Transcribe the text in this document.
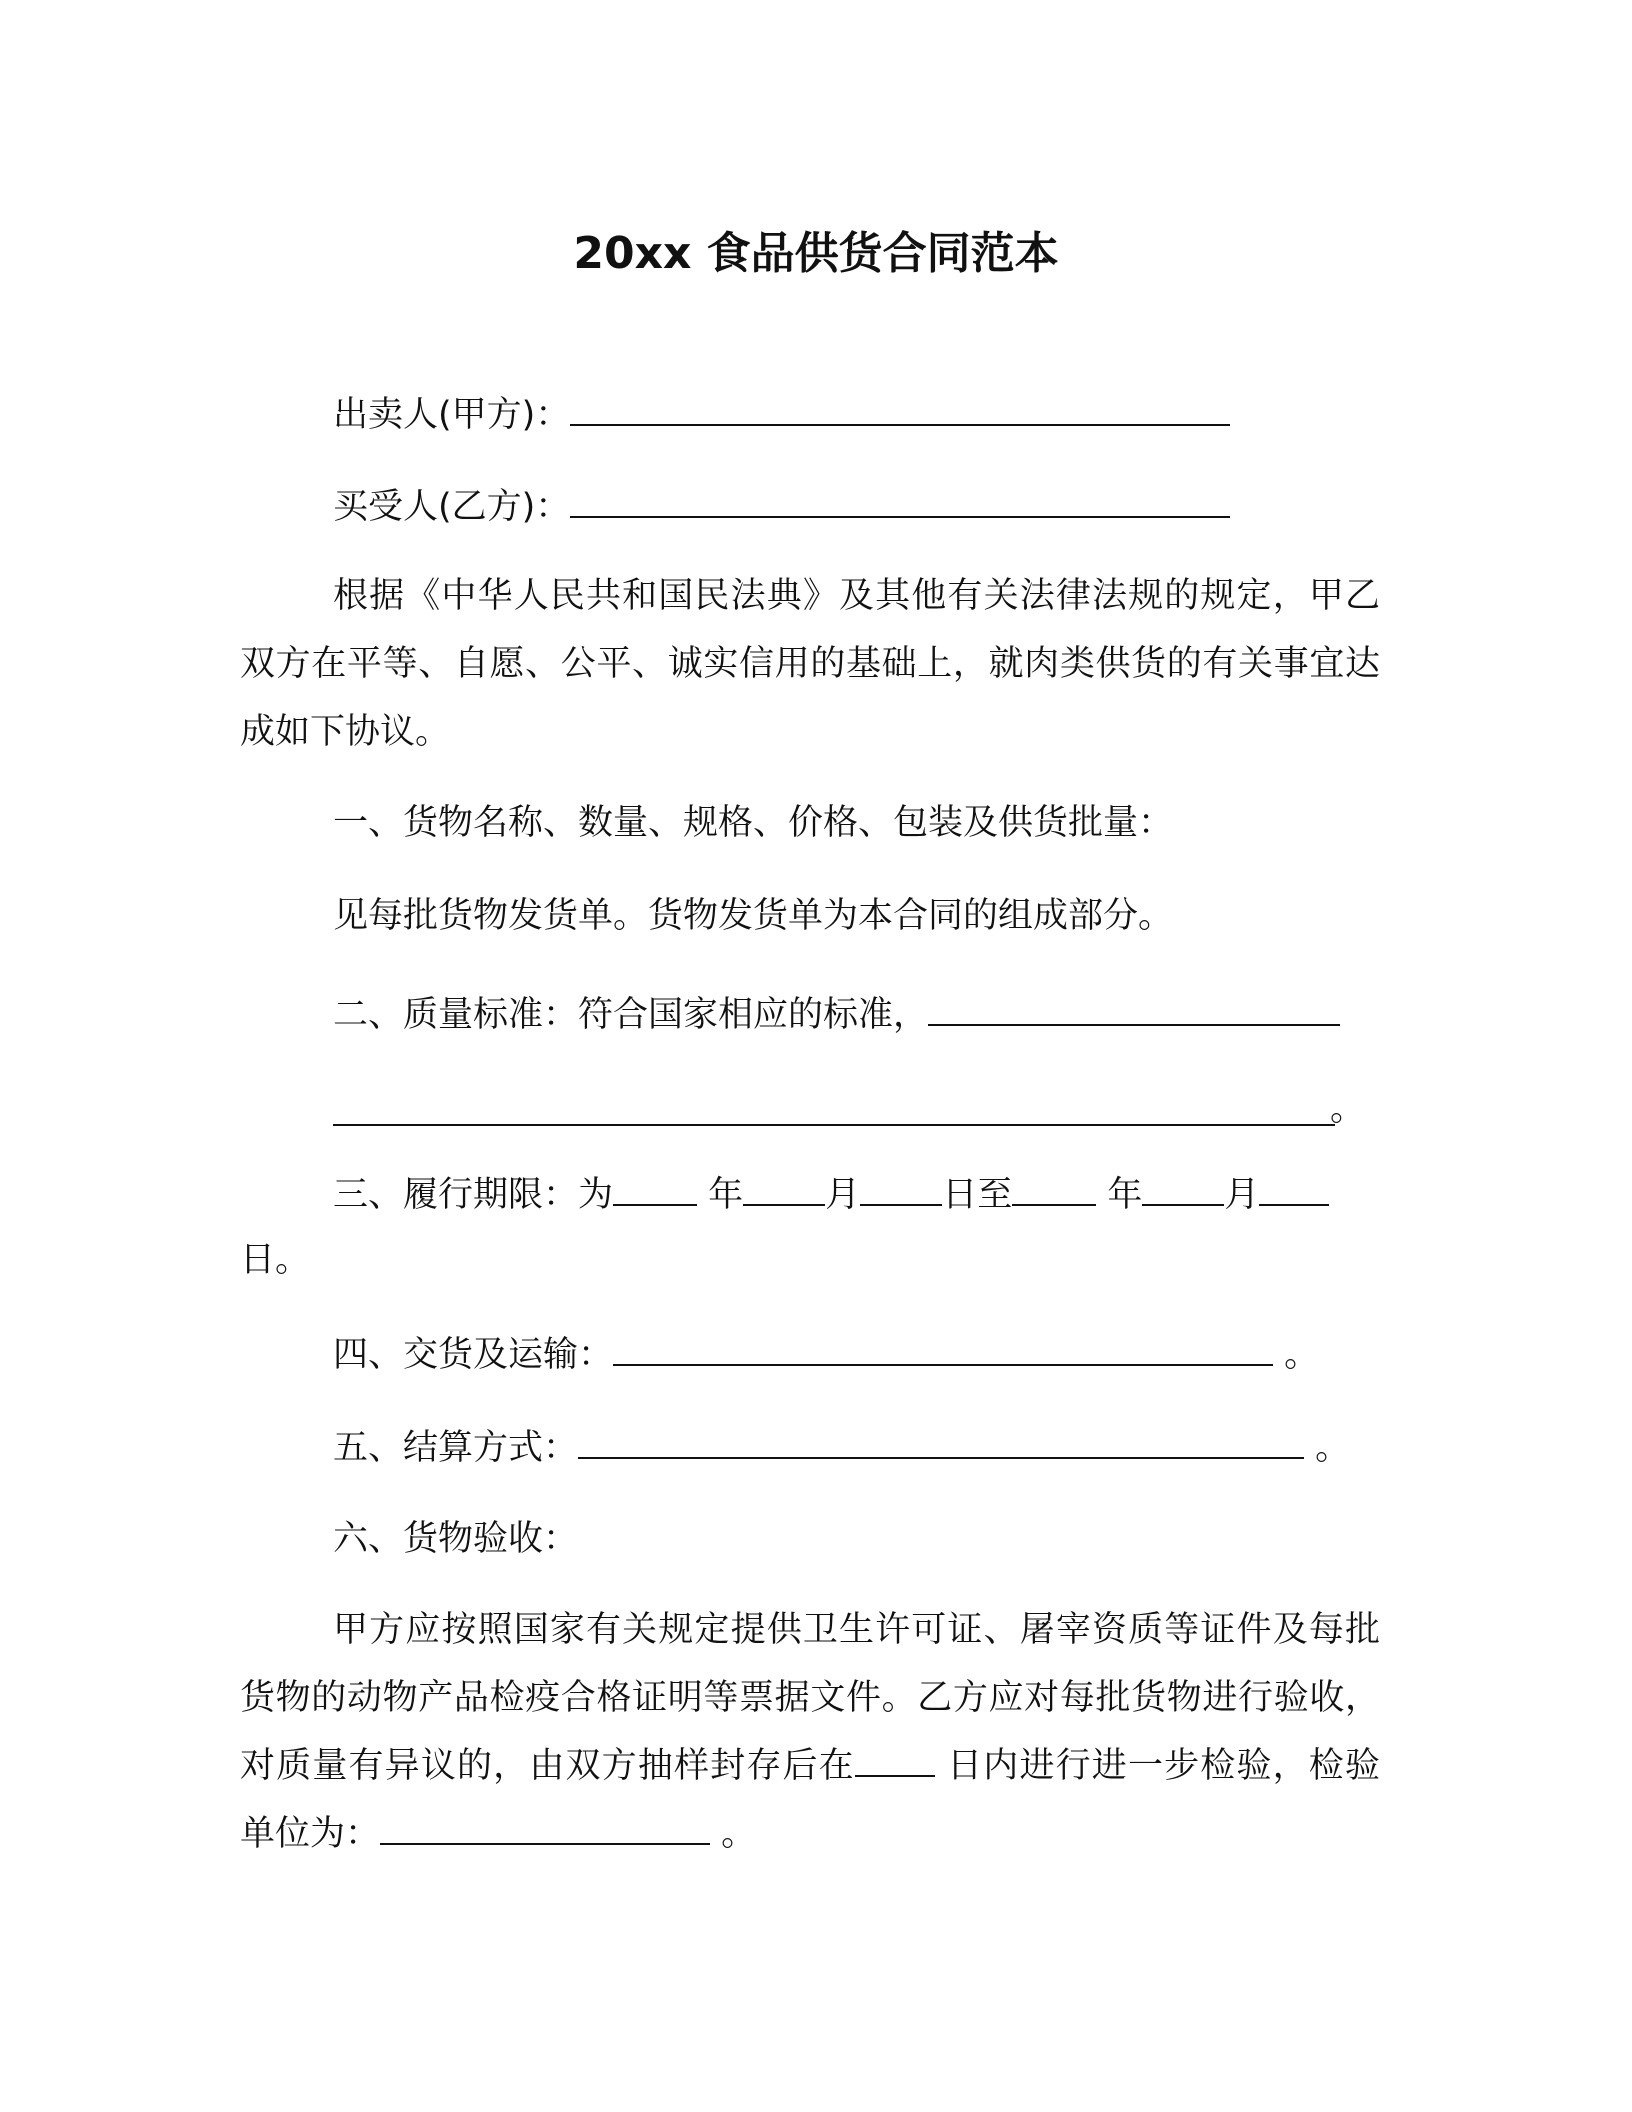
20xx 食品供货合同范本
出卖人(甲方)：
买受人(乙方)：
根据《中华人民共和国民法典》及其他有关法律法规的规定，甲乙双方在平等、自愿、公平、诚实信用的基础上，就肉类供货的有关事宜达成如下协议。
一、货物名称、数量、规格、价格、包装及供货批量：
见每批货物发货单。货物发货单为本合同的组成部分。
二、质量标准：符合国家相应的标准，
。
三、履行期限：为	年 月 日至	年 月
日。
四、交货及运输：	。
五、结算方式：	。
六、货物验收：
甲方应按照国家有关规定提供卫生许可证、屠宰资质等证件及每批货物的动物产品检疫合格证明等票据文件。乙方应对每批货物进行验收，对质量有异议的，由双方抽样封存后在	日内进行进一步检验，检验单位为：	。
